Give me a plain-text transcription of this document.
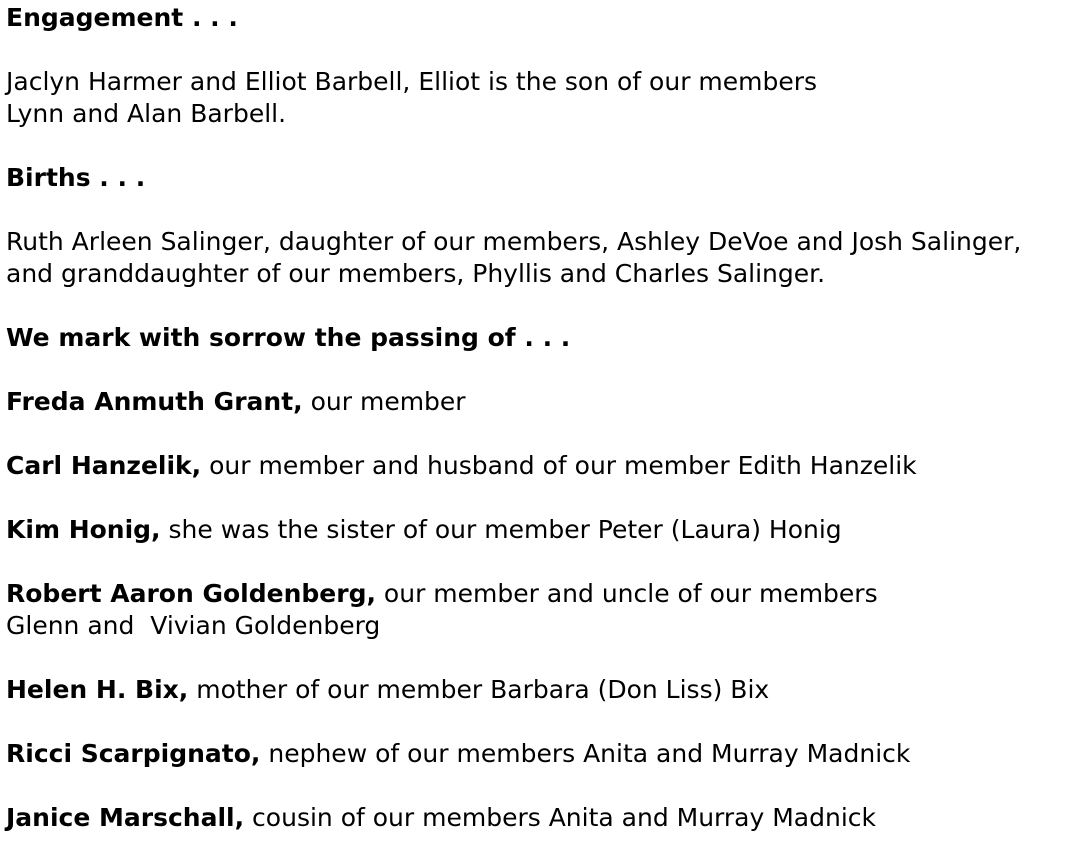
Engagement . . .
Jaclyn Harmer and Elliot Barbell, Elliot is the son of our members
Lynn and Alan Barbell.
Births . . .
Ruth Arleen Salinger, daughter of our members, Ashley DeVoe and Josh Salinger,
and granddaughter of our members, Phyllis and Charles Salinger.
We mark with sorrow the passing of . . .
Freda Anmuth Grant, our member
Carl Hanzelik, our member and husband of our member Edith Hanzelik
Kim Honig, she was the sister of our member Peter (Laura) Honig
Robert Aaron Goldenberg, our member and uncle of our members
Glenn and  Vivian Goldenberg
Helen H. Bix, mother of our member Barbara (Don Liss) Bix
Ricci Scarpignato, nephew of our members Anita and Murray Madnick
Janice Marschall, cousin of our members Anita and Murray Madnick
